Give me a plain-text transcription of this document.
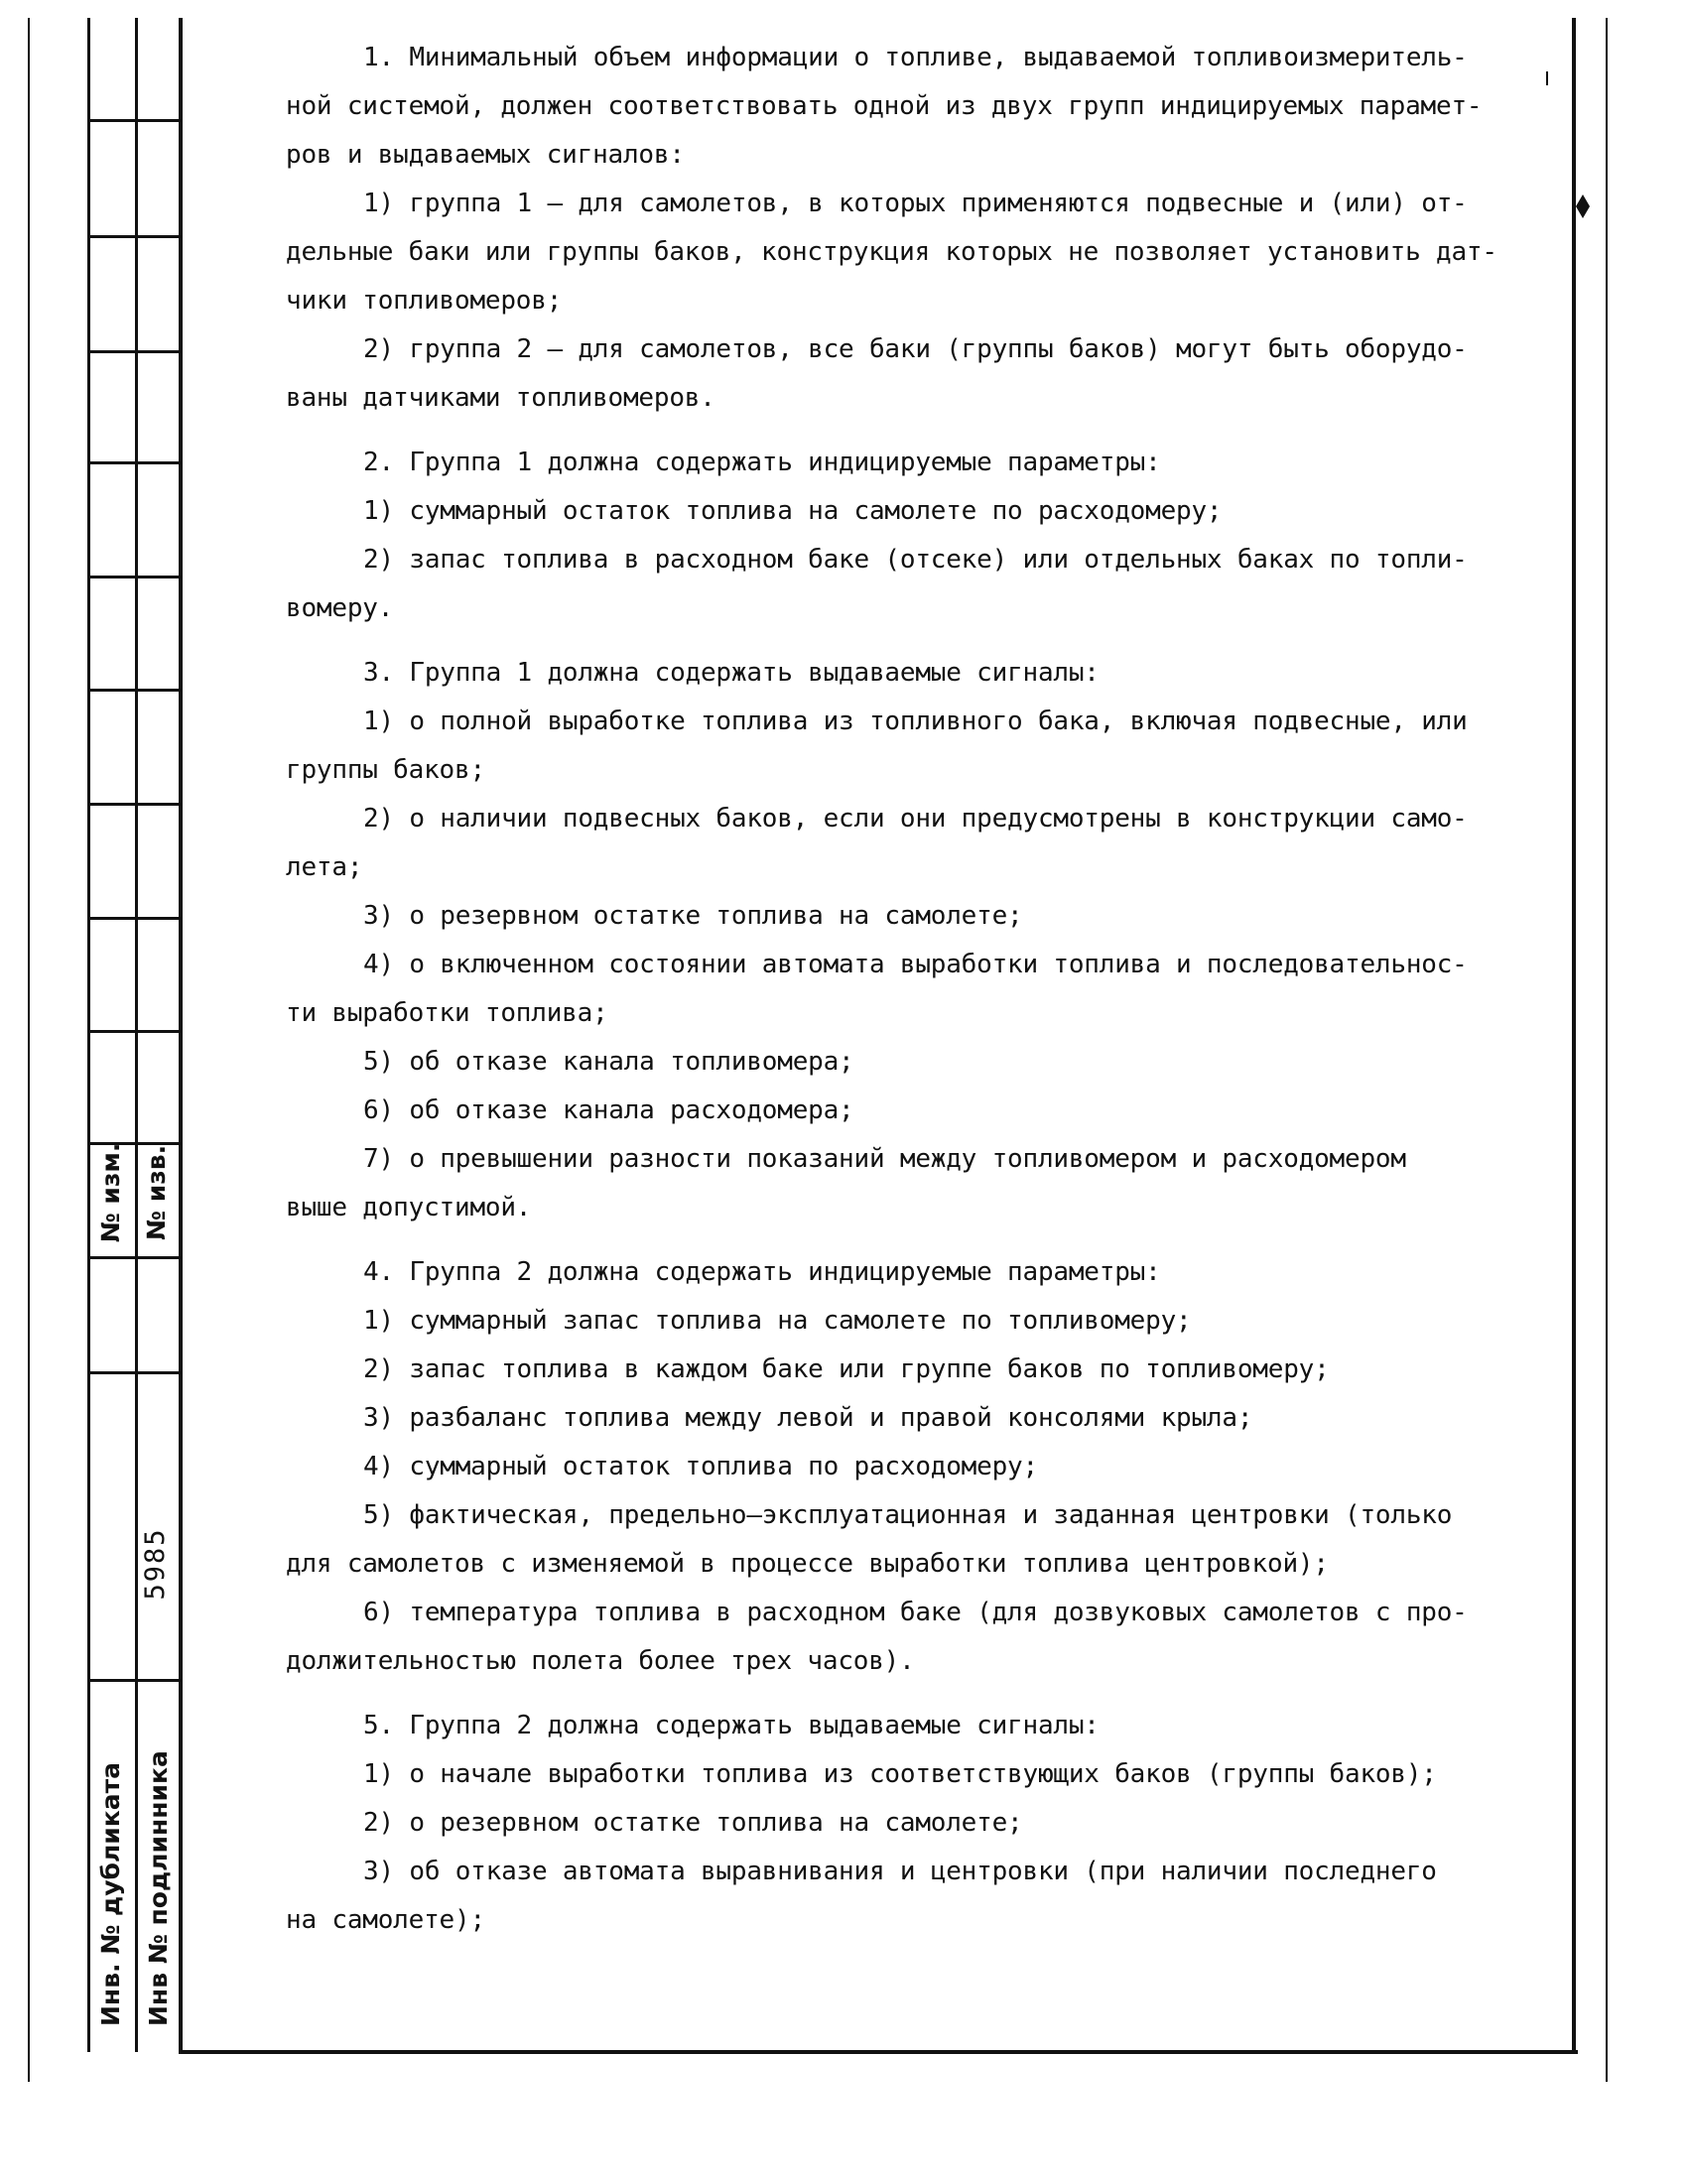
№ изм. № изв.
5985
Инв. № дубликата Инв № подлинника
1. Минимальный объем информации о топливе, выдаваемой топливоизмеритель-
ной системой, должен соответствовать одной из двух групп индицируемых парамет-
ров и выдаваемых сигналов:
1) группа 1 – для самолетов, в которых применяются подвесные и (или) от-
дельные баки или группы баков, конструкция которых не позволяет установить дат-
чики топливомеров;
2) группа 2 – для самолетов, все баки (группы баков) могут быть оборудо-
ваны датчиками топливомеров.
2. Группа 1 должна содержать индицируемые параметры:
1) суммарный остаток топлива на самолете по расходомеру;
2) запас топлива в расходном баке (отсеке) или отдельных баках по топли-
вомеру.
3. Группа 1 должна содержать выдаваемые сигналы:
1) о полной выработке топлива из топливного бака, включая подвесные, или
группы баков;
2) о наличии подвесных баков, если они предусмотрены в конструкции само-
лета;
3) о резервном остатке топлива на самолете;
4) о включенном состоянии автомата выработки топлива и последовательнос-
ти выработки топлива;
5) об отказе канала топливомера;
6) об отказе канала расходомера;
7) о превышении разности показаний между топливомером и расходомером
выше допустимой.
4. Группа 2 должна содержать индицируемые параметры:
1) суммарный запас топлива на самолете по топливомеру;
2) запас топлива в каждом баке или группе баков по топливомеру;
3) разбаланс топлива между левой и правой консолями крыла;
4) суммарный остаток топлива по расходомеру;
5) фактическая, предельно–эксплуатационная и заданная центровки (только
для самолетов с изменяемой в процессе выработки топлива центровкой);
6) температура топлива в расходном баке (для дозвуковых самолетов с про-
должительностью полета более трех часов).
5. Группа 2 должна содержать выдаваемые сигналы:
1) о начале выработки топлива из соответствующих баков (группы баков);
2) о резервном остатке топлива на самолете;
3) об отказе автомата выравнивания и центровки (при наличии последнего
на самолете);
